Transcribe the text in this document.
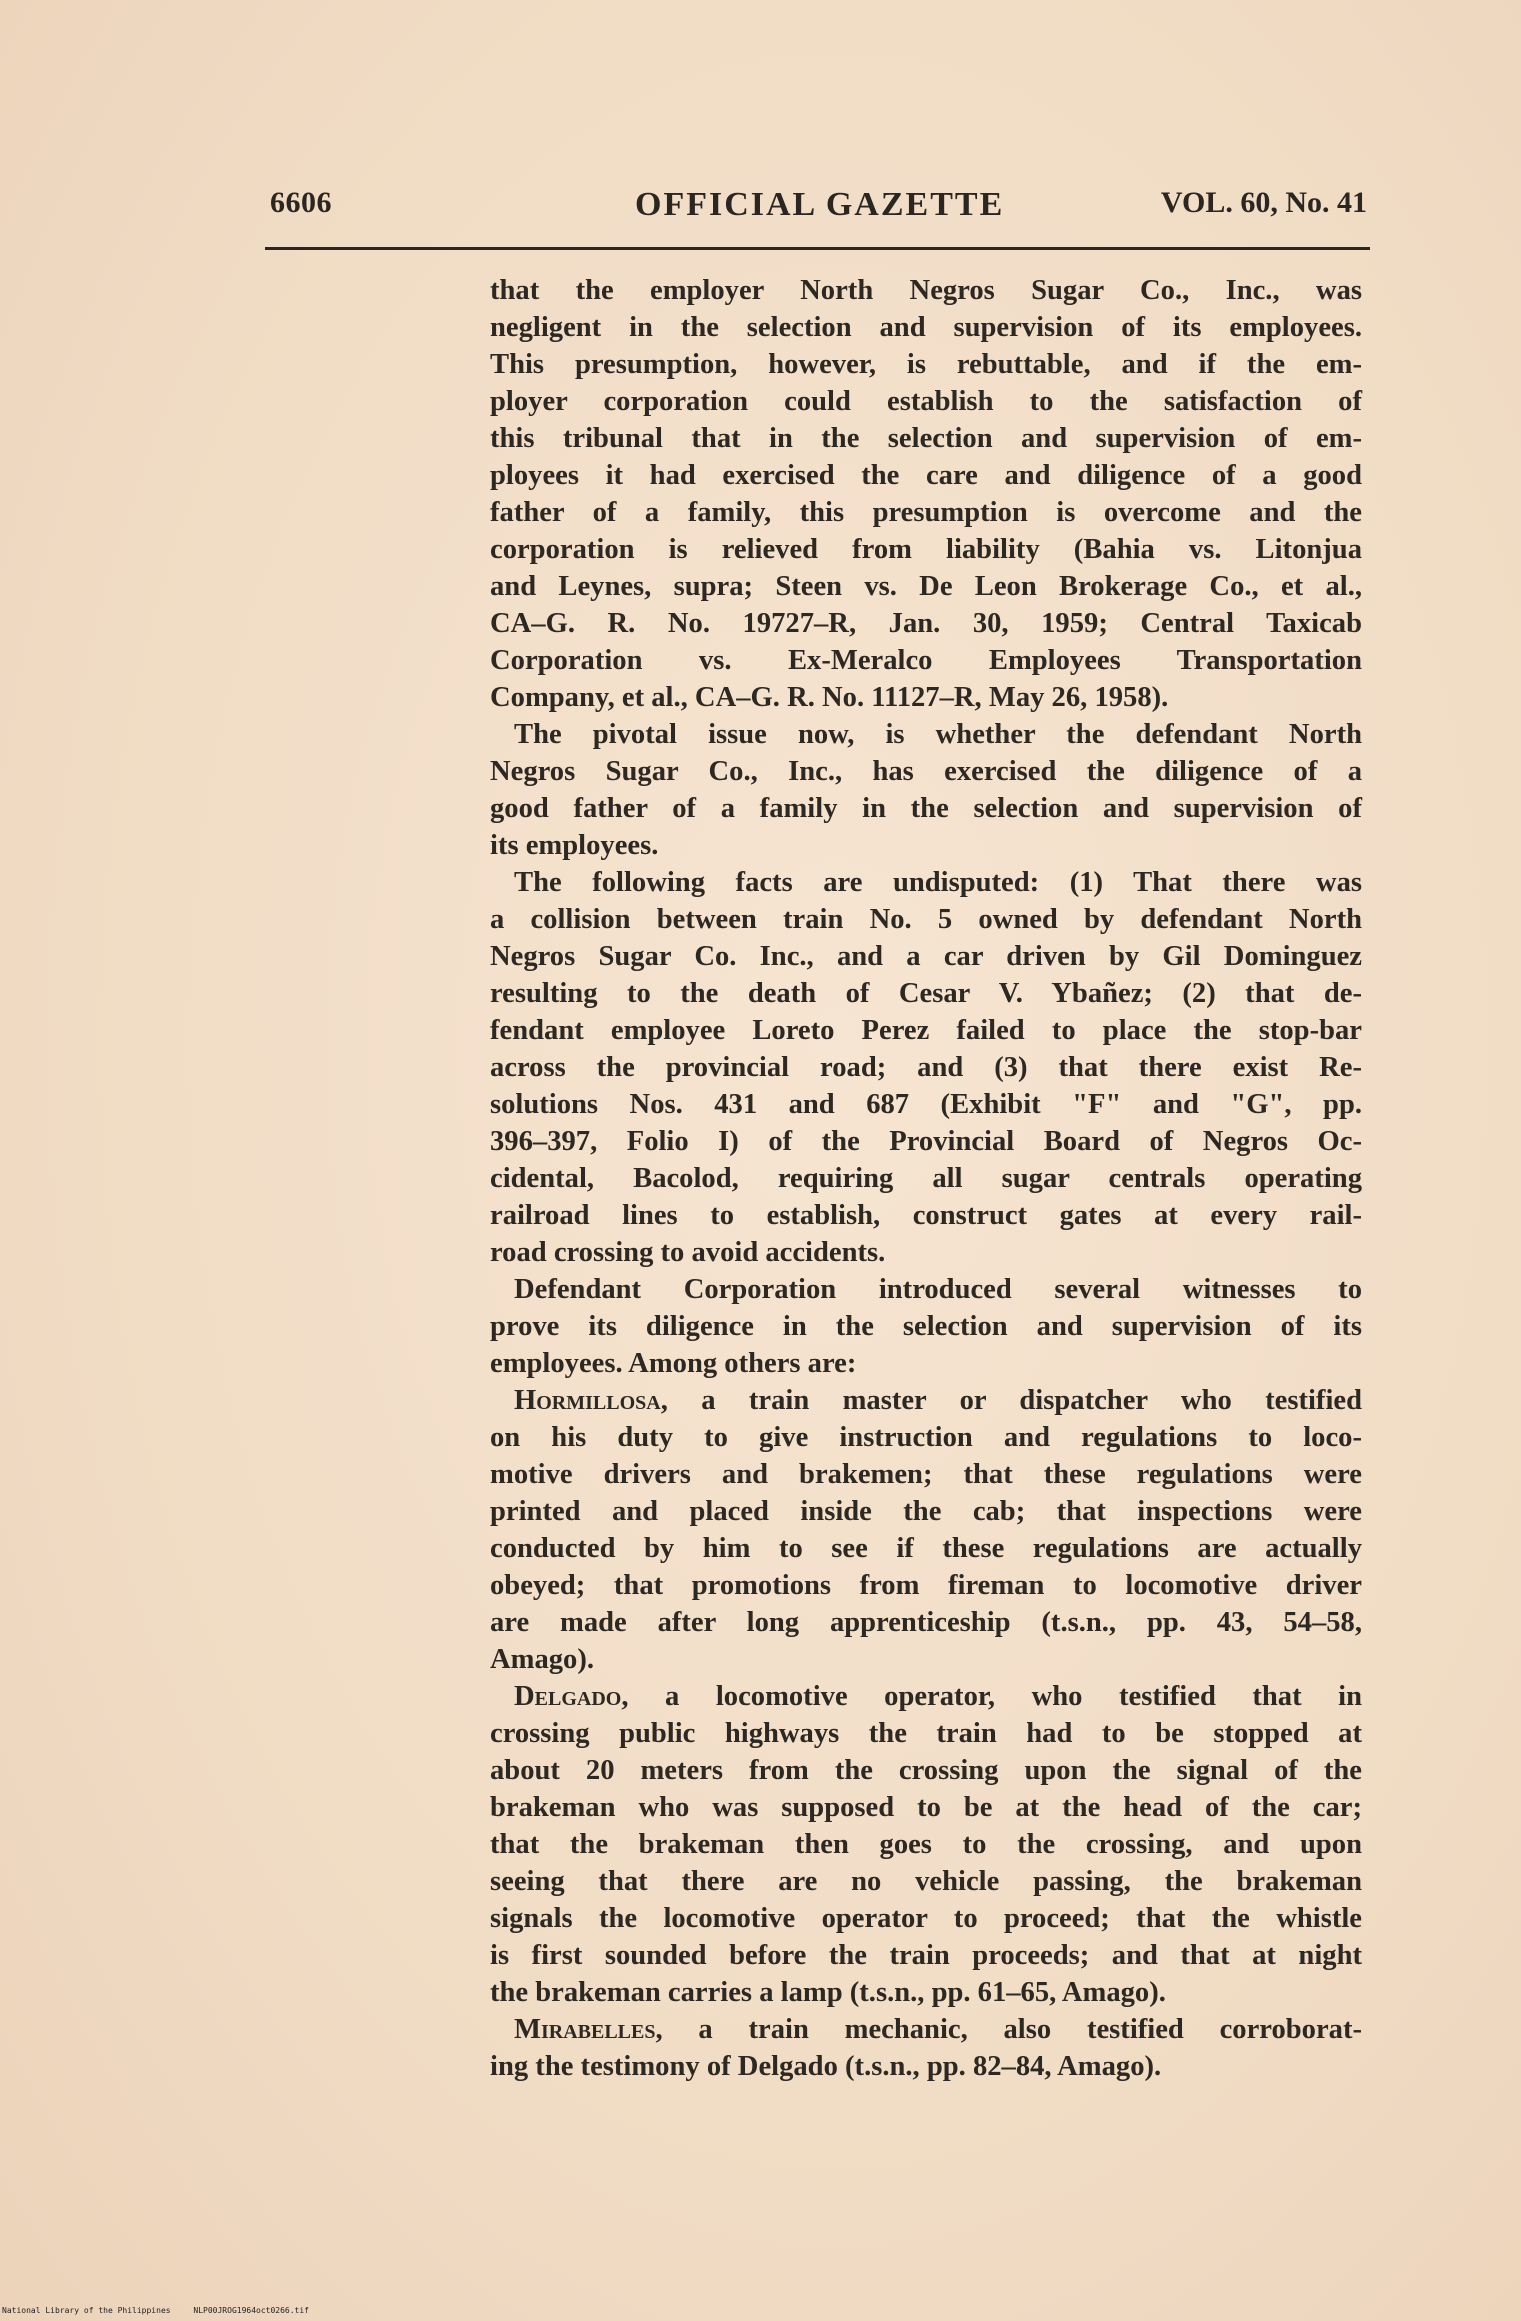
6606	OFFICIAL GAZETTE	VOL. 60, No. 41

that the employer North Negros Sugar Co., Inc., was
negligent in the selection and supervision of its employees.
This presumption, however, is rebuttable, and if the em-
ployer corporation could establish to the satisfaction of
this tribunal that in the selection and supervision of em-
ployees it had exercised the care and diligence of a good
father of a family, this presumption is overcome and the
corporation is relieved from liability (Bahia vs. Litonjua
and Leynes, supra; Steen vs. De Leon Brokerage Co., et al.,
CA–G. R. No. 19727–R, Jan. 30, 1959; Central Taxicab
Corporation vs. Ex-Meralco Employees Transportation
Company, et al., CA–G. R. No. 11127–R, May 26, 1958).

The pivotal issue now, is whether the defendant North
Negros Sugar Co., Inc., has exercised the diligence of a
good father of a family in the selection and supervision of
its employees.

The following facts are undisputed: (1) That there was
a collision between train No. 5 owned by defendant North
Negros Sugar Co. Inc., and a car driven by Gil Dominguez
resulting to the death of Cesar V. Ybañez; (2) that de-
fendant employee Loreto Perez failed to place the stop-bar
across the provincial road; and (3) that there exist Re-
solutions Nos. 431 and 687 (Exhibit "F" and "G", pp.
396–397, Folio I) of the Provincial Board of Negros Oc-
cidental, Bacolod, requiring all sugar centrals operating
railroad lines to establish, construct gates at every rail-
road crossing to avoid accidents.

Defendant Corporation introduced several witnesses to
prove its diligence in the selection and supervision of its
employees. Among others are:

Hormillosa, a train master or dispatcher who testified
on his duty to give instruction and regulations to loco-
motive drivers and brakemen; that these regulations were
printed and placed inside the cab; that inspections were
conducted by him to see if these regulations are actually
obeyed; that promotions from fireman to locomotive driver
are made after long apprenticeship (t.s.n., pp. 43, 54–58,
Amago).

Delgado, a locomotive operator, who testified that in
crossing public highways the train had to be stopped at
about 20 meters from the crossing upon the signal of the
brakeman who was supposed to be at the head of the car;
that the brakeman then goes to the crossing, and upon
seeing that there are no vehicle passing, the brakeman
signals the locomotive operator to proceed; that the whistle
is first sounded before the train proceeds; and that at night
the brakeman carries a lamp (t.s.n., pp. 61–65, Amago).

Mirabelles, a train mechanic, also testified corroborat-
ing the testimony of Delgado (t.s.n., pp. 82–84, Amago).

National Library of the Philippines	NLP00JROG1964oct0266.tif
